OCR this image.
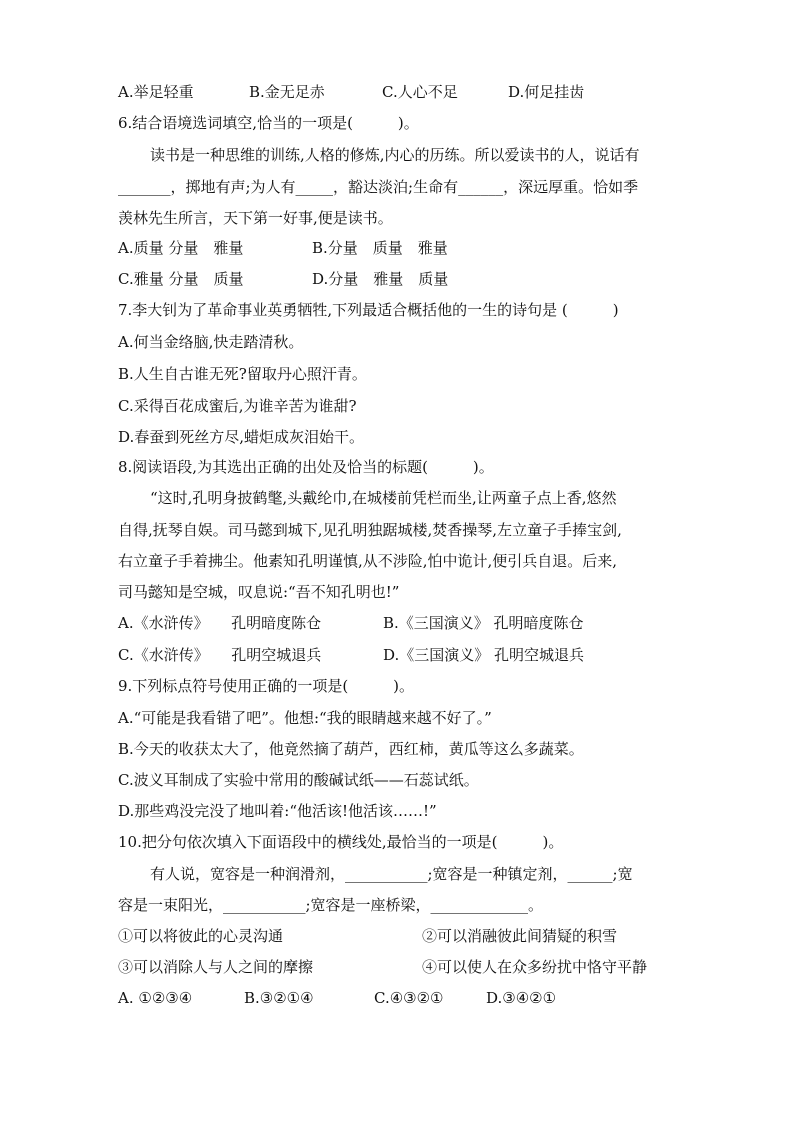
A.举足轻重	B.金无足赤	C.人心不足	D.何足挂齿
6.结合语境选词填空,恰当的一项是(　　　)。
读书是一种思维的训练,人格的修炼,内心的历练。所以爱读书的人，说话有
_______，掷地有声;为人有_____，豁达淡泊;生命有______，深远厚重。恰如季
羡林先生所言，天下第一好事,便是读书。
A.质量 分量　雅量	B.分量　质量　雅量
C.雅量 分量　质量	D.分量　雅量　质量
7.李大钊为了革命事业英勇牺牲,下列最适合概括他的一生的诗句是 (　　　)
A.何当金络脑,快走踏清秋。
B.人生自古谁无死?留取丹心照汗青。
C.采得百花成蜜后,为谁辛苦为谁甜?
D.春蚕到死丝方尽,蜡炬成灰泪始干。
8.阅读语段,为其选出正确的出处及恰当的标题(　　　)。
“这时,孔明身披鹤氅,头戴纶巾,在城楼前凭栏而坐,让两童子点上香,悠然
自得,抚琴自娱。司马懿到城下,见孔明独踞城楼,焚香操琴,左立童子手捧宝剑,
右立童子手着拂尘。他素知孔明谨慎,从不涉险,怕中诡计,便引兵自退。后来,
司马懿知是空城，叹息说:“吾不知孔明也!”
A.《水浒传》　　孔明暗度陈仓	B.《三国演义》 孔明暗度陈仓
C.《水浒传》　　孔明空城退兵	D.《三国演义》 孔明空城退兵
9.下列标点符号使用正确的一项是(　　　)。
A.“可能是我看错了吧”。他想:“我的眼睛越来越不好了。”
B.今天的收获太大了，他竟然摘了葫芦，西红柿，黄瓜等这么多蔬菜。
C.波义耳制成了实验中常用的酸碱试纸——石蕊试纸。
D.那些鸡没完没了地叫着:“他活该!他活该……!”
10.把分句依次填入下面语段中的横线处,最恰当的一项是(　　　)。
有人说，宽容是一种润滑剂，___________;宽容是一种镇定剂，______;宽
容是一束阳光，___________;宽容是一座桥梁，_____________。
①可以将彼此的心灵沟通	②可以消融彼此间猜疑的积雪
③可以消除人与人之间的摩擦	④可以使人在众多纷扰中恪守平静
A. ①②③④	B.③②①④	C.④③②①	D.③④②①
